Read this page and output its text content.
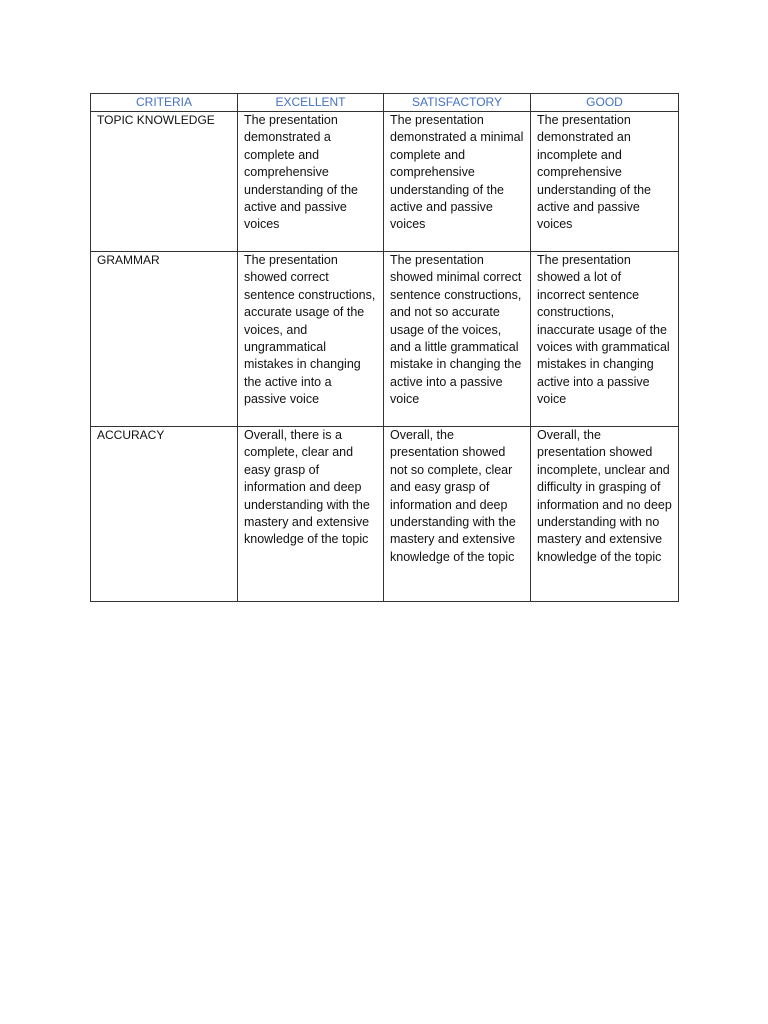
CRITERIA	EXCELLENT	SATISFACTORY	GOOD
TOPIC KNOWLEDGE	The presentation demonstrated a complete and comprehensive understanding of the active and passive voices	The presentation demonstrated a minimal complete and comprehensive understanding of the active and passive voices	The presentation demonstrated an incomplete and comprehensive understanding of the active and passive voices
GRAMMAR	The presentation showed correct sentence constructions, accurate usage of the voices, and ungrammatical mistakes in changing the active into a passive voice	The presentation showed minimal correct sentence constructions, and not so accurate usage of the voices, and a little grammatical mistake in changing the active into a passive voice	The presentation showed a lot of incorrect sentence constructions, inaccurate usage of the voices with grammatical mistakes in changing active into a passive voice
ACCURACY	Overall, there is a complete, clear and easy grasp of information and deep understanding with the mastery and extensive knowledge of the topic	Overall, the presentation showed not so complete, clear and easy grasp of information and deep understanding with the mastery and extensive knowledge of the topic	Overall, the presentation showed incomplete, unclear and difficulty in grasping of information and no deep understanding with no mastery and extensive knowledge of the topic
